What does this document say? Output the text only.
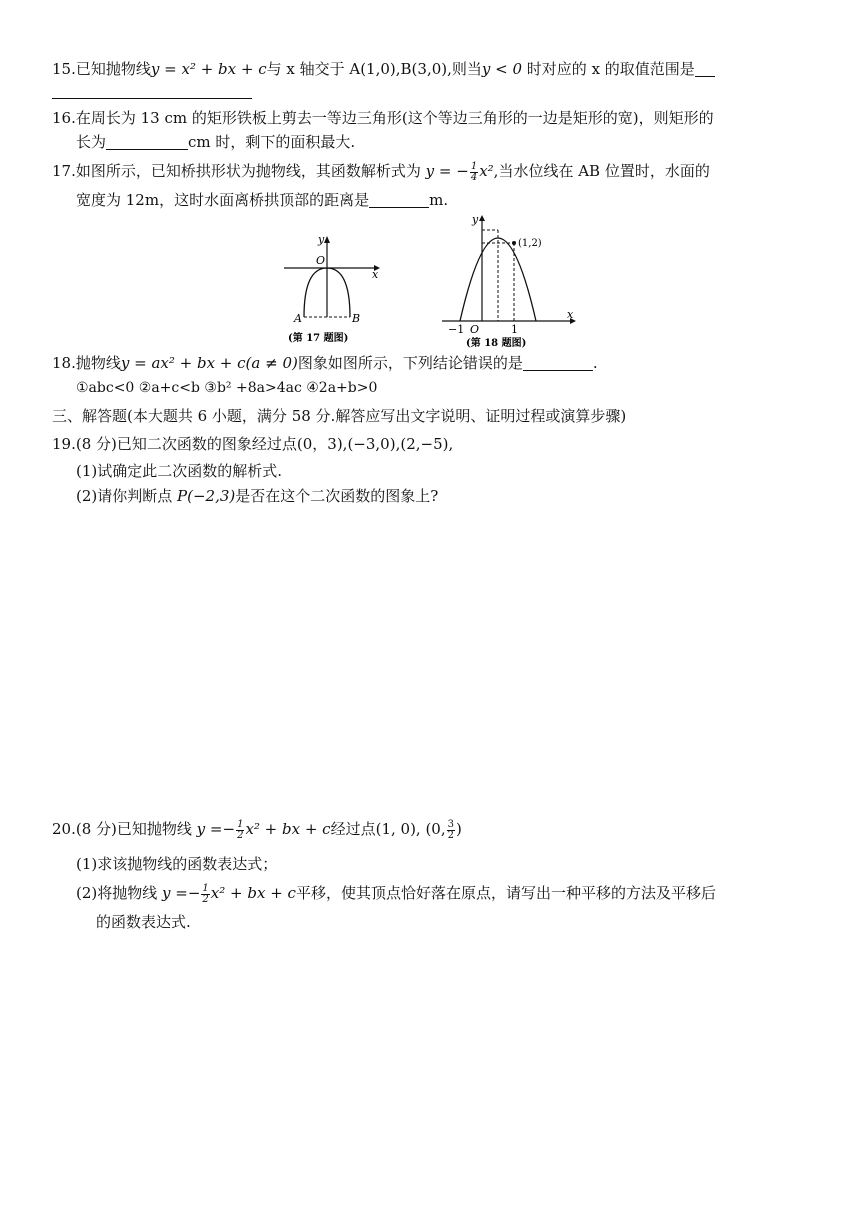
15.已知抛物线y = x² + bx + c与 x 轴交于 A(1,0),B(3,0),则当y < 0 时对应的 x 的取值范围是
16.在周长为 13 cm 的矩形铁板上剪去一等边三角形(这个等边三角形的一边是矩形的宽)，则矩形的
长为	cm 时，剩下的面积最大.
17.如图所示，已知桥拱形状为抛物线，其函数解析式为 y = − $\frac{1}{4} x^2$,当水位线在 AB 位置时，水面的
宽度为 12m，这时水面离桥拱顶部的距离是	m.
y
x
O
A	B
(第 17 题图)
(1,2)
y
x
O
−1	1
(第 18 题图)
18.抛物线y = ax² + bx + c(a ≠ 0)图象如图所示，下列结论错误的是	.
①abc<0 ②a+c<b ③b² +8a>4ac ④2a+b>0
三、解答题(本大题共 6 小题，满分 58 分.解答应写出文字说明、证明过程或演算步骤)
19.(8 分)已知二次函数的图象经过点(0，3),(−3,0),(2,−5),
(1)试确定此二次函数的解析式.
(2)请你判断点 P(−2,3)是否在这个二次函数的图象上?
20.(8 分)已知抛物线 $y =- \frac{1}{2} x^2$ + bx + c经过点(1, 0), (0, $\frac{3}{2}$ )
(1)求该抛物线的函数表达式；
(2)将抛物线 $y =- \frac{1}{2} x^2$ + bx + c平移，使其顶点恰好落在原点，请写出一种平移的方法及平移后
的函数表达式.
